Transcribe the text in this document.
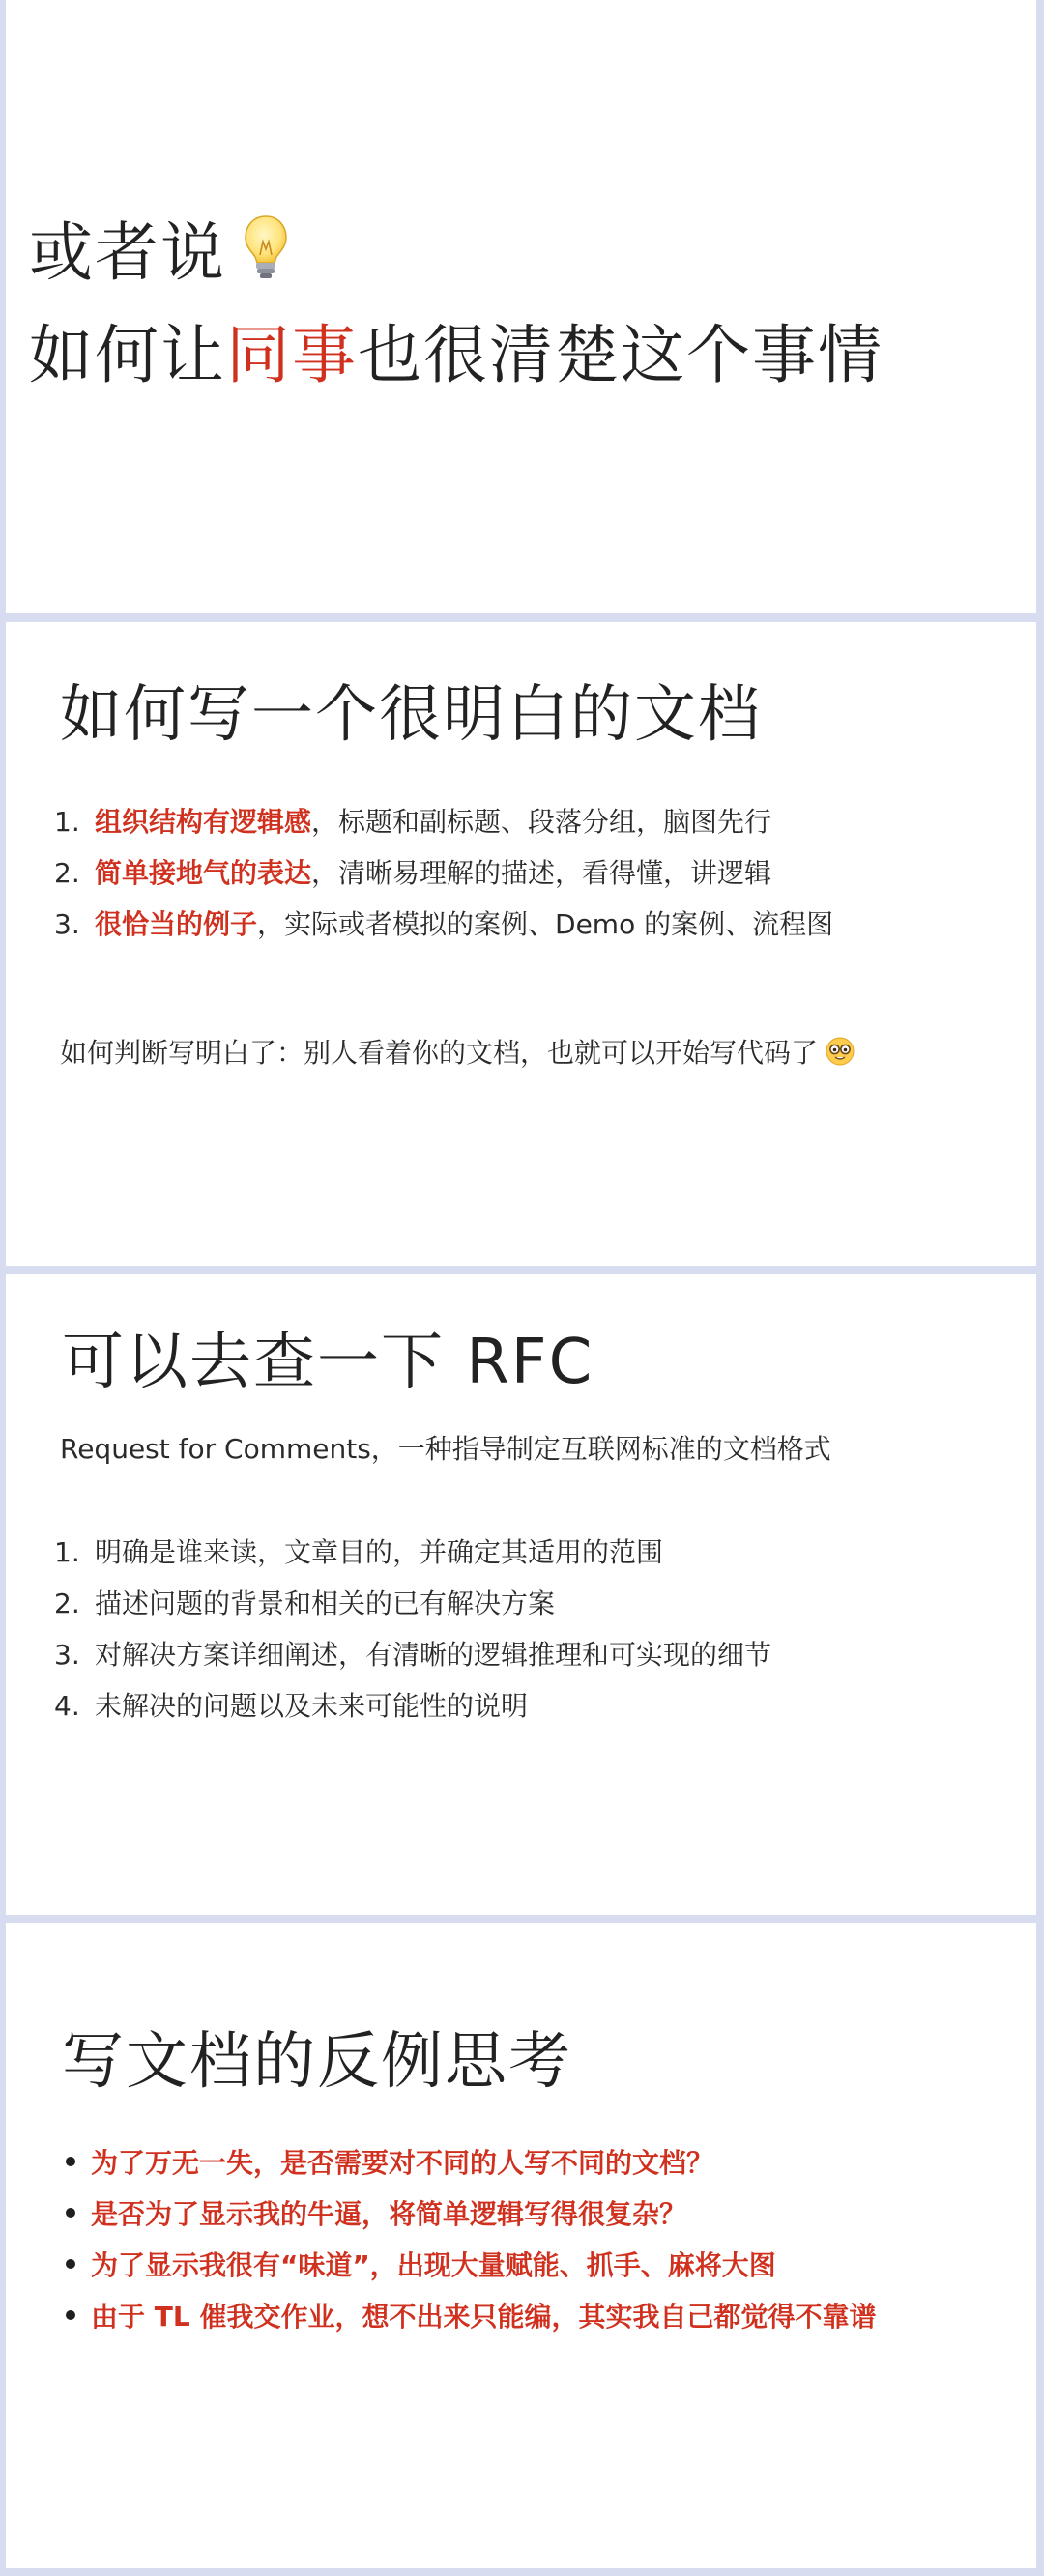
或者说
如何让同事也很清楚这个事情
如何写一个很明白的文档
1. 组织结构有逻辑感，标题和副标题、段落分组，脑图先行
2. 简单接地气的表达，清晰易理解的描述，看得懂，讲逻辑
3. 很恰当的例子，实际或者模拟的案例、Demo 的案例、流程图
如何判断写明白了：别人看着你的文档，也就可以开始写代码了
可以去查一下 RFC
Request for Comments，一种指导制定互联网标准的文档格式
1. 明确是谁来读，文章目的，并确定其适用的范围
2. 描述问题的背景和相关的已有解决方案
3. 对解决方案详细阐述，有清晰的逻辑推理和可实现的细节
4. 未解决的问题以及未来可能性的说明
写文档的反例思考
为了万无一失，是否需要对不同的人写不同的文档？
是否为了显示我的牛逼，将简单逻辑写得很复杂？
为了显示我很有“味道”，出现大量赋能、抓手、麻将大图
由于 TL 催我交作业，想不出来只能编，其实我自己都觉得不靠谱
